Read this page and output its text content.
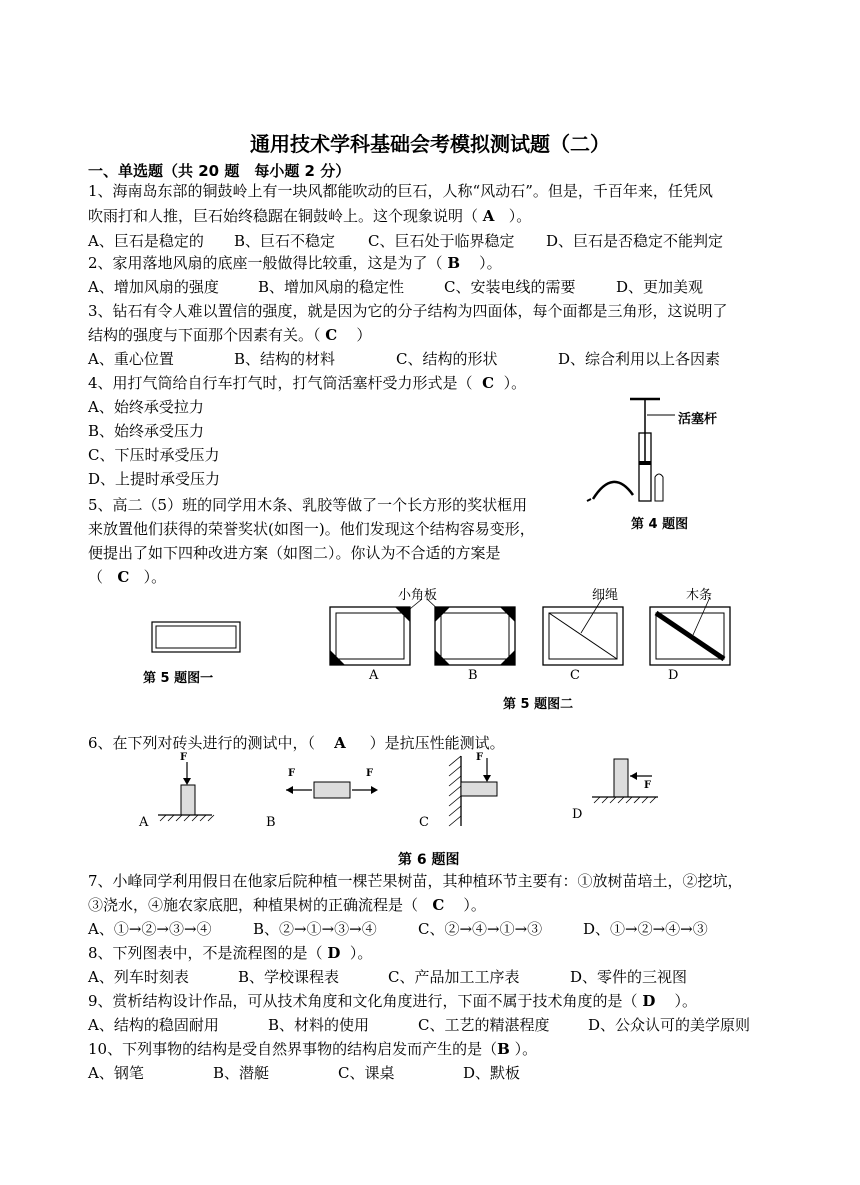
通用技术学科基础会考模拟测试题（二）
一、单选题（共 20 题　每小题 2 分）
1、海南岛东部的铜鼓岭上有一块风都能吹动的巨石，人称“风动石”。但是，千百年来，任凭风
吹雨打和人推，巨石始终稳踞在铜鼓岭上。这个现象说明（ A ）。
A、巨石是稳定的 B、巨石不稳定 C、巨石处于临界稳定 D、巨石是否稳定不能判定
2、家用落地风扇的底座一般做得比较重，这是为了（ B ）。
A、增加风扇的强度	B、增加风扇的稳定性	C、安装电线的需要	D、更加美观
3、钻石有令人难以置信的强度，就是因为它的分子结构为四面体，每个面都是三角形，这说明了
结构的强度与下面那个因素有关。（ C ）
A、重心位置	B、结构的材料	C、结构的形状	D、综合利用以上各因素
4、用打气筒给自行车打气时，打气筒活塞杆受力形式是（ C ）。
A、始终承受拉力
B、始终承受压力
C、下压时承受压力
D、上提时承受压力
活塞杆
第 4 题图
5、高二（5）班的同学用木条、乳胶等做了一个长方形的奖状框用
来放置他们获得的荣誉奖状(如图一)。他们发现这个结构容易变形，
便提出了如下四种改进方案（如图二）。你认为不合适的方案是
（ C ）。
第 5 题图一
小角板	细绳	木条
A	B	C	D
第 5 题图二
6、在下列对砖头进行的测试中，（ A ）是抗压性能测试。
F
A
F	F
B
F
C
F
D
第 6 题图
7、小峰同学利用假日在他家后院种植一棵芒果树苗，其种植环节主要有：①放树苗培土，②挖坑，
③浇水，④施农家底肥，种植果树的正确流程是（ C ）。
A、①→②→③→④	B、②→①→③→④	C、②→④→①→③	D、①→②→④→③
8、下列图表中，不是流程图的是（ D ）。
A、列车时刻表	B、学校课程表	C、产品加工工序表	D、零件的三视图
9、赏析结构设计作品，可从技术角度和文化角度进行，下面不属于技术角度的是（ D ）。
A、结构的稳固耐用	B、材料的使用	C、工艺的精湛程度	D、公众认可的美学原则
10、下列事物的结构是受自然界事物的结构启发而产生的是（B ）。
A、钢笔	B、潜艇	C、课桌	D、默板
